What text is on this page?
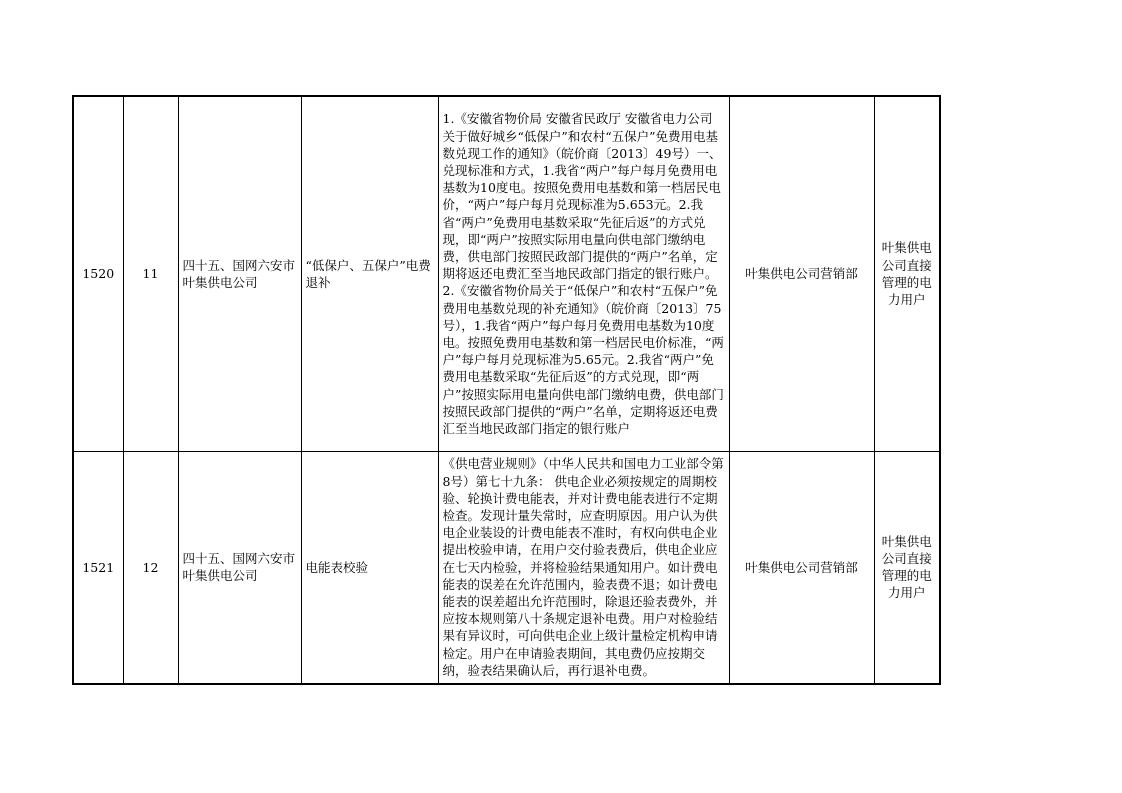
1520	11	四十五、国网六安市叶集供电公司	“低保户、五保户”电费退补	1.《安徽省物价局 安徽省民政厅 安徽省电力公司关于做好城乡“低保户”和农村“五保户”免费用电基数兑现工作的通知》（皖价商〔2013〕49号）一、兑现标准和方式，1.我省“两户”每户每月免费用电基数为10度电。按照免费用电基数和第一档居民电价，“两户”每户每月兑现标准为5.653元。2.我省“两户”免费用电基数采取“先征后返”的方式兑现，即“两户”按照实际用电量向供电部门缴纳电费，供电部门按照民政部门提供的“两户”名单，定期将返还电费汇至当地民政部门指定的银行账户。
2.《安徽省物价局关于“低保户”和农村“五保户”免费用电基数兑现的补充通知》（皖价商〔2013〕75号），1.我省“两户”每户每月免费用电基数为10度电。按照免费用电基数和第一档居民电价标准，“两户”每户每月兑现标准为5.65元。2.我省“两户”免费用电基数采取“先征后返”的方式兑现，即“两户”按照实际用电量向供电部门缴纳电费，供电部门按照民政部门提供的“两户”名单，定期将返还电费汇至当地民政部门指定的银行账户	叶集供电公司营销部	叶集供电公司直接管理的电力用户
1521	12	四十五、国网六安市叶集供电公司	电能表校验	《供电营业规则》（中华人民共和国电力工业部令第8号）第七十九条： 供电企业必须按规定的周期校验、轮换计费电能表，并对计费电能表进行不定期检查。发现计量失常时，应查明原因。用户认为供电企业装设的计费电能表不准时，有权向供电企业提出校验申请，在用户交付验表费后，供电企业应在七天内检验，并将检验结果通知用户。如计费电能表的误差在允许范围内，验表费不退；如计费电能表的误差超出允许范围时，除退还验表费外，并应按本规则第八十条规定退补电费。用户对检验结果有异议时，可向供电企业上级计量检定机构申请检定。用户在申请验表期间，其电费仍应按期交纳，验表结果确认后，再行退补电费。	叶集供电公司营销部	叶集供电公司直接管理的电力用户
